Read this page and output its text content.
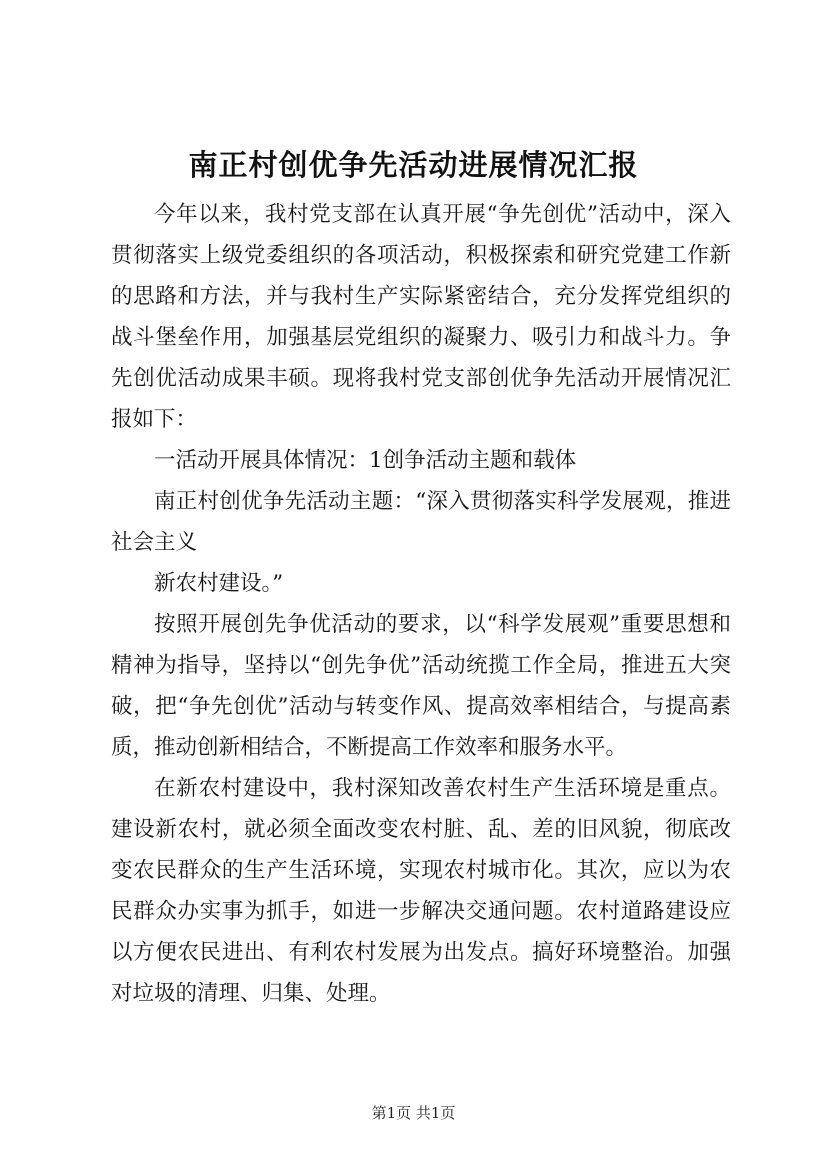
南正村创优争先活动进展情况汇报

今年以来，我村党支部在认真开展“争先创优”活动中，深入贯彻落实上级党委组织的各项活动，积极探索和研究党建工作新的思路和方法，并与我村生产实际紧密结合，充分发挥党组织的战斗堡垒作用，加强基层党组织的凝聚力、吸引力和战斗力。争先创优活动成果丰硕。现将我村党支部创优争先活动开展情况汇报如下：

一活动开展具体情况：1创争活动主题和载体

南正村创优争先活动主题：“深入贯彻落实科学发展观，推进社会主义

新农村建设。”

按照开展创先争优活动的要求，以“科学发展观”重要思想和精神为指导，坚持以“创先争优”活动统揽工作全局，推进五大突破，把“争先创优”活动与转变作风、提高效率相结合，与提高素质，推动创新相结合，不断提高工作效率和服务水平。

在新农村建设中，我村深知改善农村生产生活环境是重点。建设新农村，就必须全面改变农村脏、乱、差的旧风貌，彻底改变农民群众的生产生活环境，实现农村城市化。其次，应以为农民群众办实事为抓手，如进一步解决交通问题。农村道路建设应以方便农民进出、有利农村发展为出发点。搞好环境整治。加强对垃圾的清理、归集、处理。

第1页 共1页
